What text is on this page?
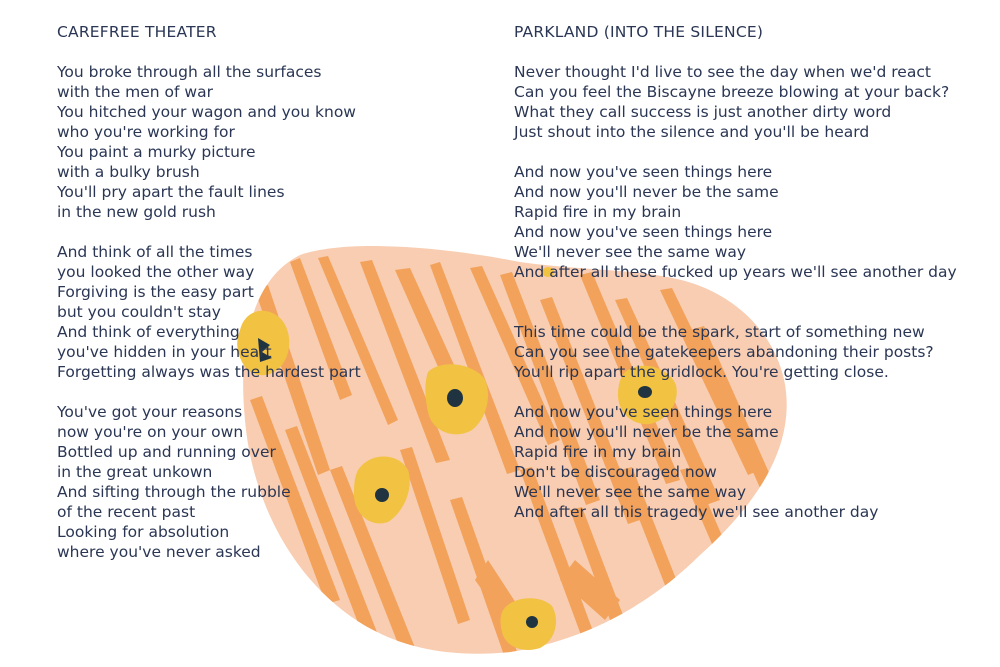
CAREFREE THEATER
You broke through all the surfaces
with the men of war
You hitched your wagon and you know
who you're working for
You paint a murky picture
with a bulky brush
You'll pry apart the fault lines
in the new gold rush
And think of all the times
you looked the other way
Forgiving is the easy part
but you couldn't stay
And think of everything
you've hidden in your heart
Forgetting always was the hardest part
You've got your reasons
now you're on your own
Bottled up and running over
in the great unkown
And sifting through the rubble
of the recent past
Looking for absolution
where you've never asked
PARKLAND (INTO THE SILENCE)
Never thought I'd live to see the day when we'd react
Can you feel the Biscayne breeze blowing at your back?
What they call success is just another dirty word
Just shout into the silence and you'll be heard
And now you've seen things here
And now you'll never be the same
Rapid fire in my brain
And now you've seen things here
We'll never see the same way
And after all these fucked up years we'll see another day
This time could be the spark, start of something new
Can you see the gatekeepers abandoning their posts?
You'll rip apart the gridlock. You're getting close.
And now you've seen things here
And now you'll never be the same
Rapid fire in my brain
Don't be discouraged now
We'll never see the same way
And after all this tragedy we'll see another day
